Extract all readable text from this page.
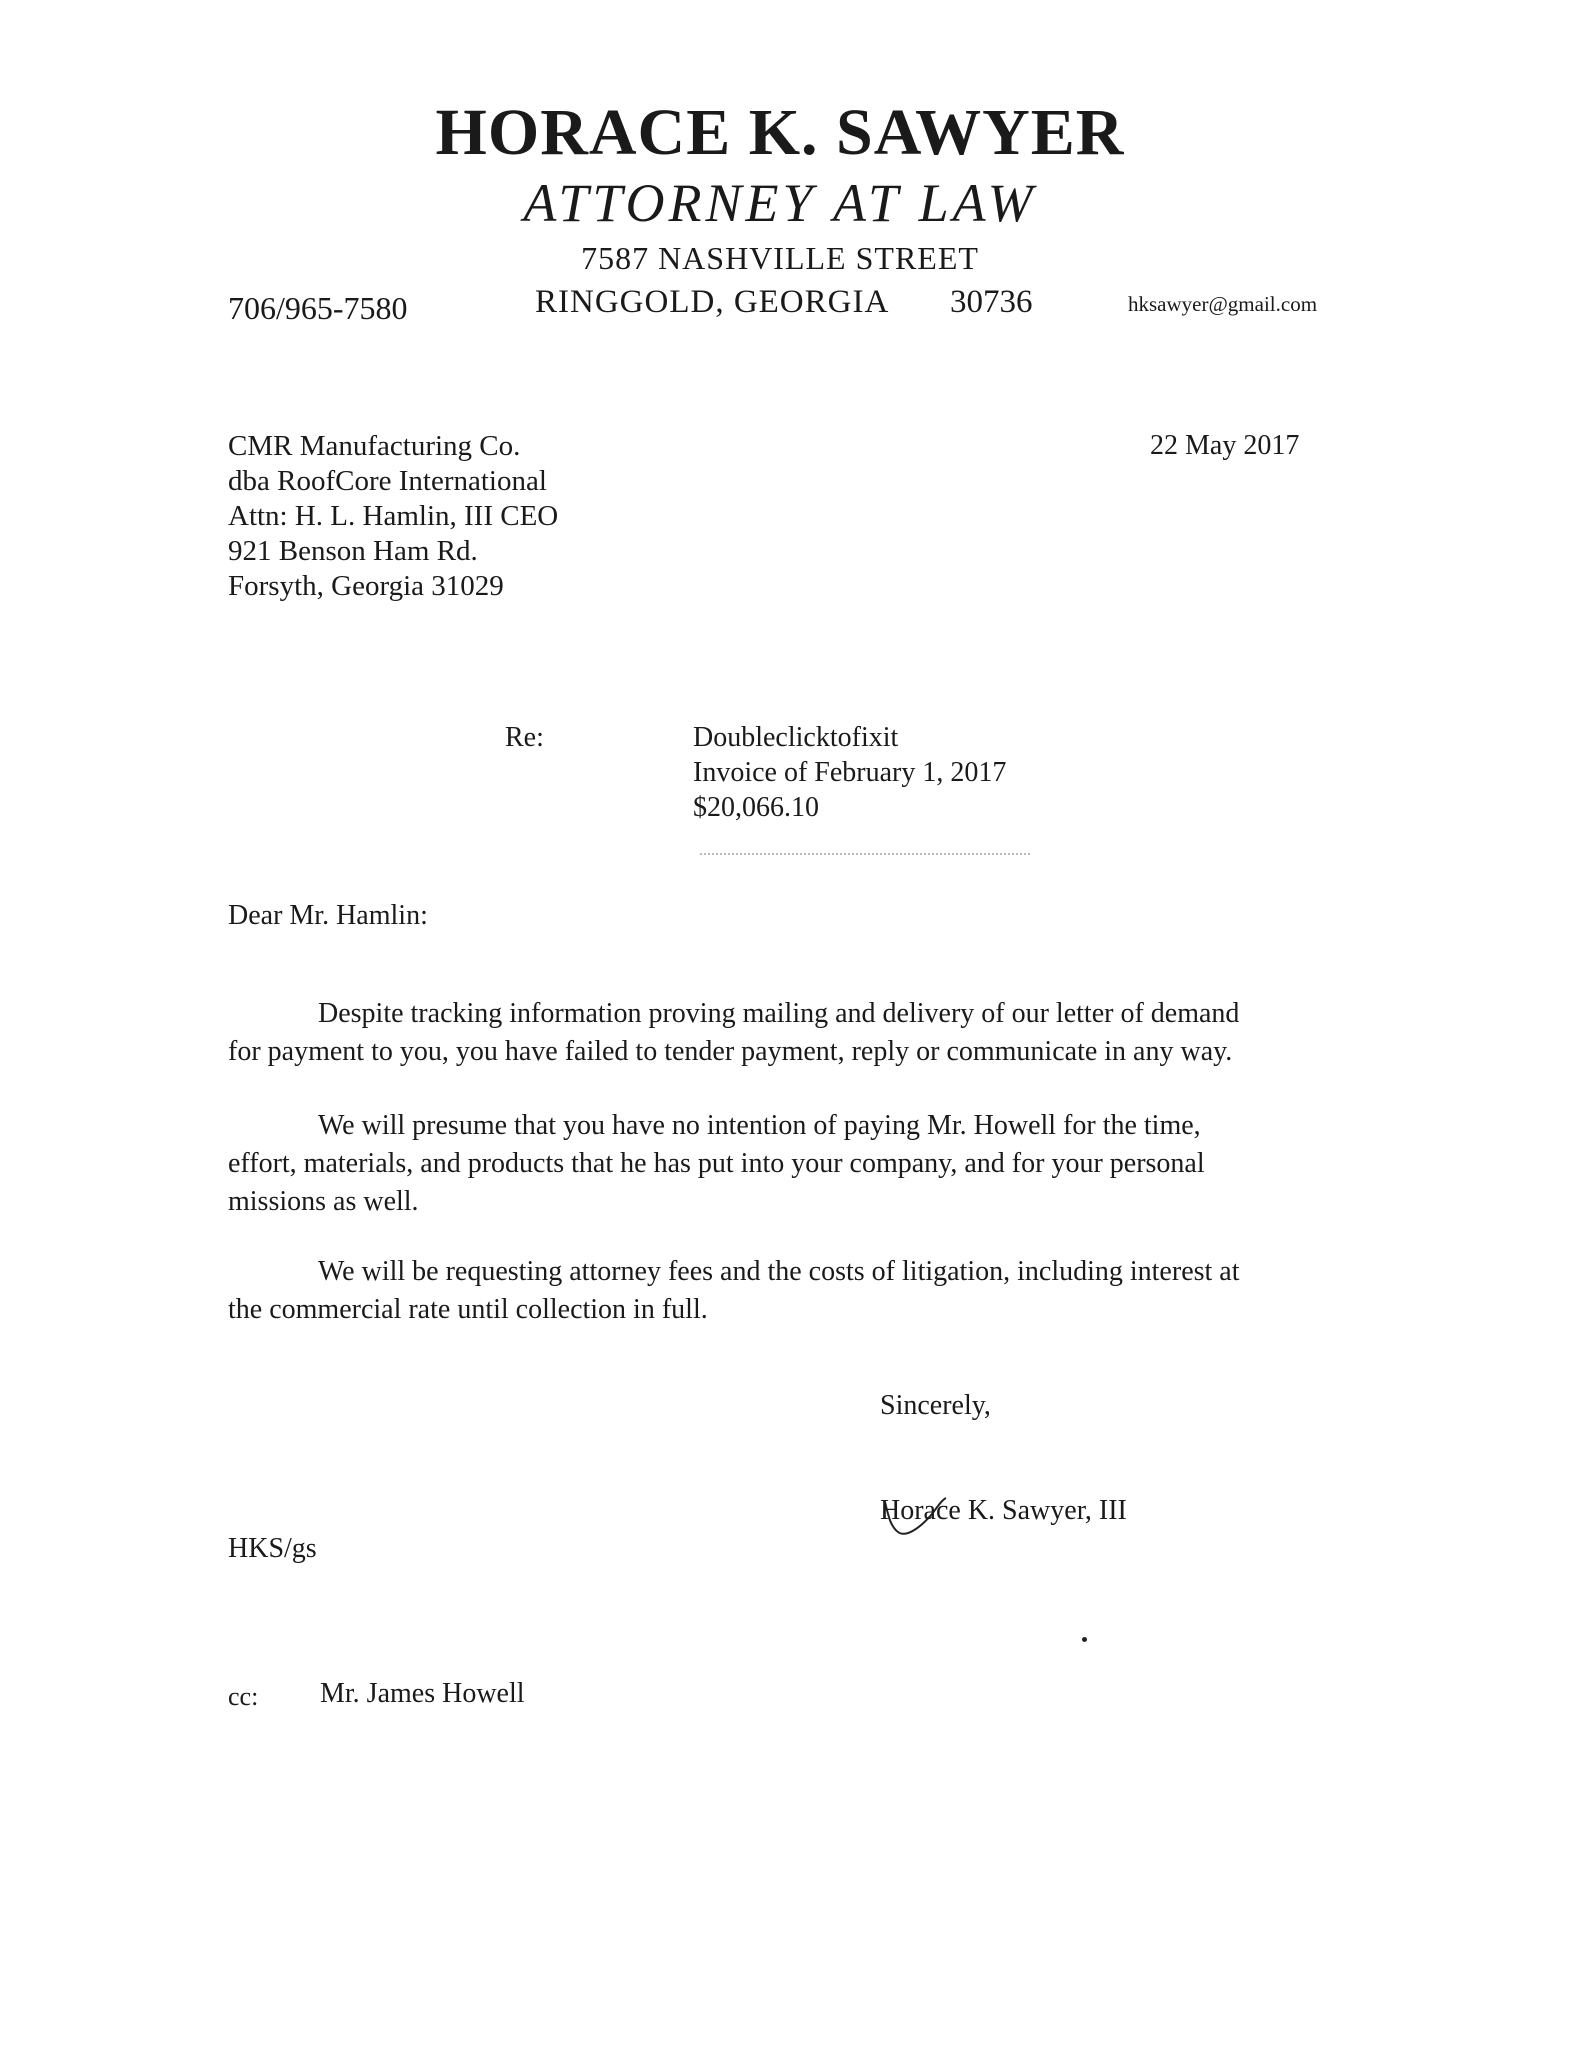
HORACE K. SAWYER
ATTORNEY AT LAW
7587 NASHVILLE STREET
706/965-7580	RINGGOLD, GEORGIA 30736	hksawyer@gmail.com
CMR Manufacturing Co.
dba RoofCore International
Attn: H. L. Hamlin, III CEO
921 Benson Ham Rd.
Forsyth, Georgia 31029
22 May 2017
Re:	Doubleclicktofixit
Invoice of February 1, 2017
$20,066.10
Dear Mr. Hamlin:
Despite tracking information proving mailing and delivery of our letter of demand
for payment to you, you have failed to tender payment, reply or communicate in any way.
We will presume that you have no intention of paying Mr. Howell for the time,
effort, materials, and products that he has put into your company, and for your personal
missions as well.
We will be requesting attorney fees and the costs of litigation, including interest at
the commercial rate until collection in full.
Sincerely,
Horace K. Sawyer, III
HKS/gs
cc: Mr. James Howell
